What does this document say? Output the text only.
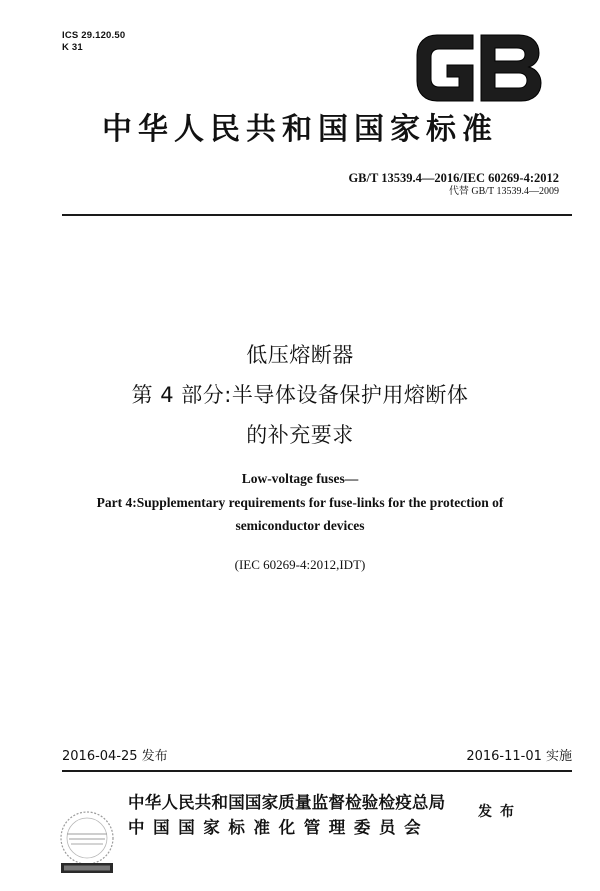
ICS 29.120.50
K 31
中华人民共和国国家标准
GB/T 13539.4—2016/IEC 60269-4:2012
代替 GB/T 13539.4—2009
低压熔断器
第 4 部分:半导体设备保护用熔断体
的补充要求
Low-voltage fuses—
Part 4:Supplementary requirements for fuse-links for the protection of
semiconductor devices
(IEC 60269-4:2012,IDT)
2016-04-25 发布	2016-11-01 实施
中华人民共和国国家质量监督检验检疫总局
中国国家标准化管理委员会
发布
